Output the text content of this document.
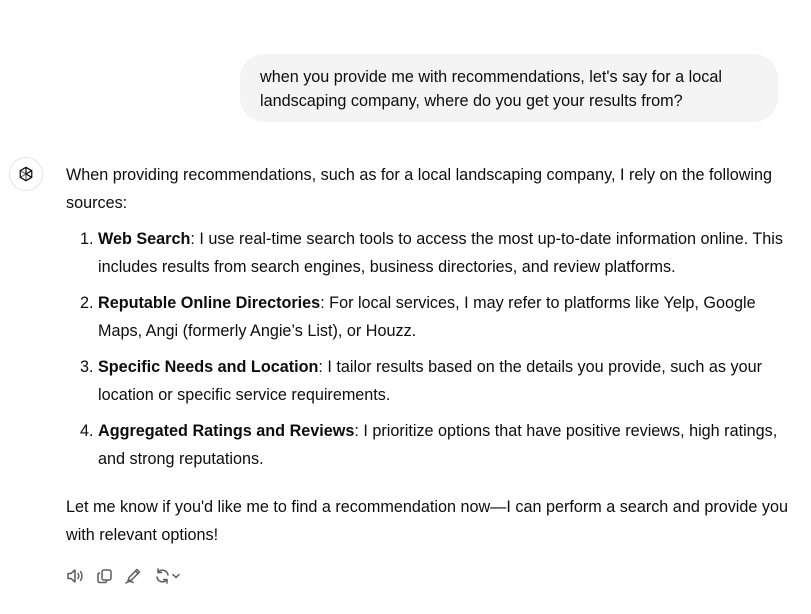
when you provide me with recommendations, let's say for a local
landscaping company, where do you get your results from?

When providing recommendations, such as for a local landscaping company, I rely on the following sources:

1. Web Search: I use real-time search tools to access the most up-to-date information online. This includes results from search engines, business directories, and review platforms.
2. Reputable Online Directories: For local services, I may refer to platforms like Yelp, Google Maps, Angi (formerly Angie’s List), or Houzz.
3. Specific Needs and Location: I tailor results based on the details you provide, such as your location or specific service requirements.
4. Aggregated Ratings and Reviews: I prioritize options that have positive reviews, high ratings, and strong reputations.

Let me know if you'd like me to find a recommendation now—I can perform a search and provide you with relevant options!
